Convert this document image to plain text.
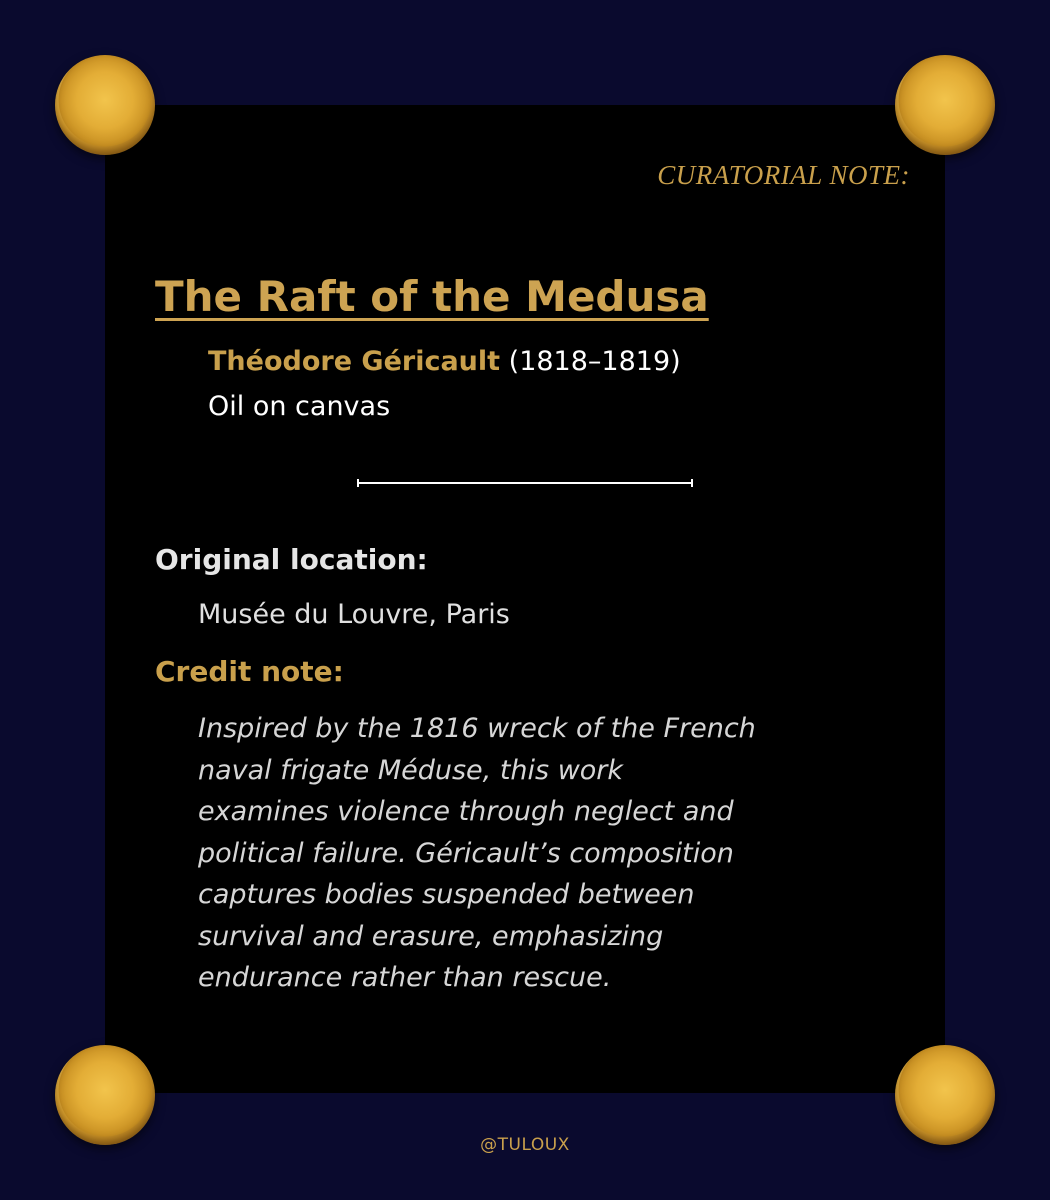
CURATORIAL NOTE:
The Raft of the Medusa
Théodore Géricault (1818–1819)
Oil on canvas
Original location:
Musée du Louvre, Paris
Credit note:
Inspired by the 1816 wreck of the French
naval frigate Méduse, this work
examines violence through neglect and
political failure. Géricault’s composition
captures bodies suspended between
survival and erasure, emphasizing
endurance rather than rescue.
@TULOUX
